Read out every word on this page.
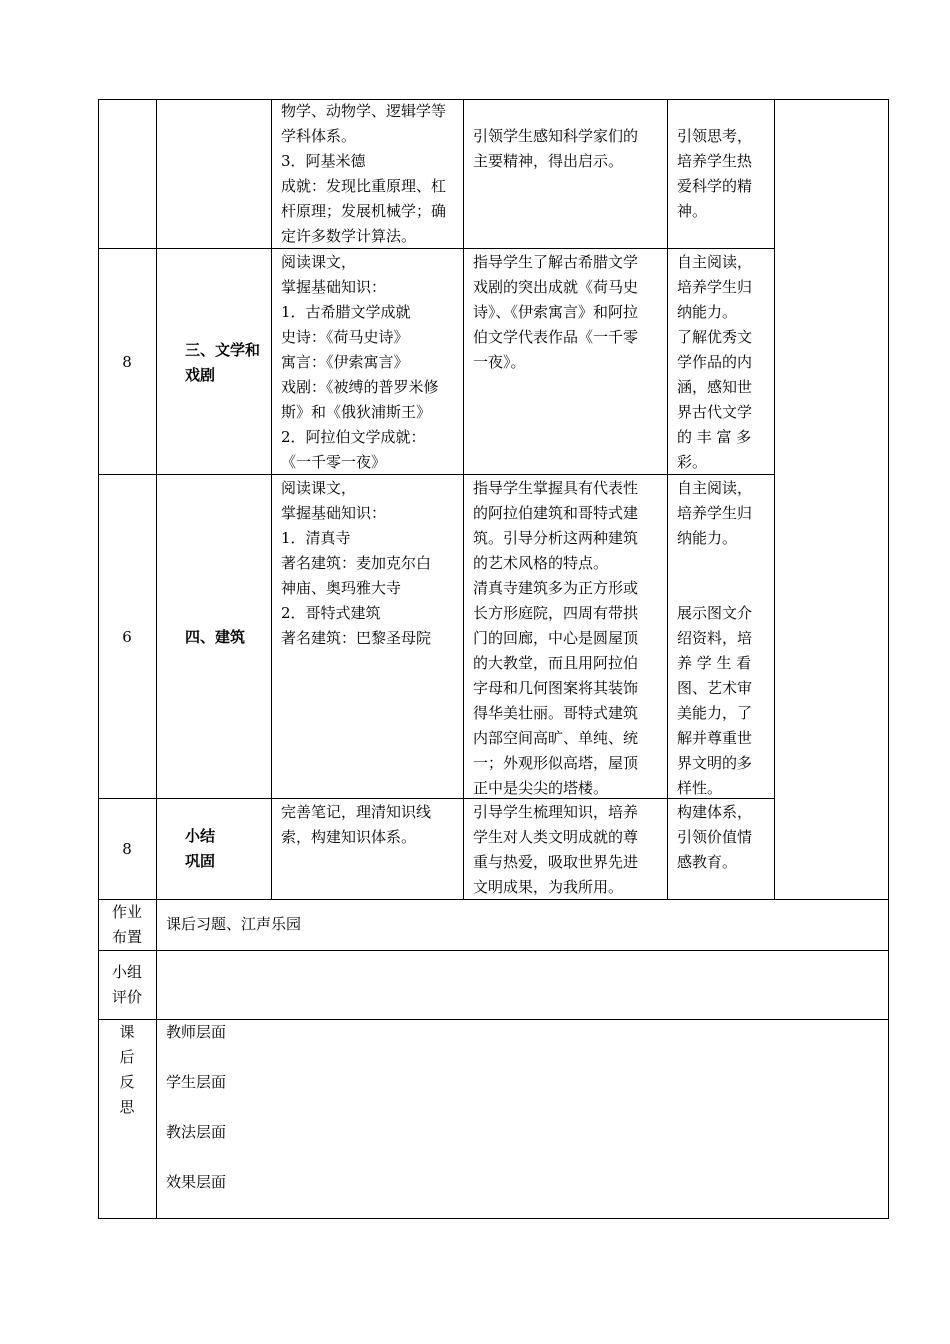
物学、动物学、逻辑学等
学科体系。
3．阿基米德
成就：发现比重原理、杠
杆原理；发展机械学；确
定许多数学计算法。

引领学生感知科学家们的
主要精神，得出启示。

引领思考，
培养学生热
爱科学的精
神。
8
三、文学和
戏剧
阅读课文，
掌握基础知识：
1．古希腊文学成就
史诗：《荷马史诗》
寓言：《伊索寓言》
戏剧：《被缚的普罗米修
斯》和《俄狄浦斯王》
2．阿拉伯文学成就：
《一千零一夜》
指导学生了解古希腊文学
戏剧的突出成就《荷马史
诗》、《伊索寓言》和阿拉
伯文学代表作品《一千零
一夜》。
自主阅读，
培养学生归
纳能力。
了解优秀文
学作品的内
涵，感知世
界古代文学
的 丰 富 多
彩。
6	四、建筑
阅读课文，
掌握基础知识：
1．清真寺
著名建筑：麦加克尔白
神庙、奥玛雅大寺
2．哥特式建筑
著名建筑：巴黎圣母院
指导学生掌握具有代表性
的阿拉伯建筑和哥特式建
筑。引导分析这两种建筑
的艺术风格的特点。
清真寺建筑多为正方形或
长方形庭院，四周有带拱
门的回廊，中心是圆屋顶
的大教堂，而且用阿拉伯
字母和几何图案将其装饰
得华美壮丽。哥特式建筑
内部空间高旷、单纯、统
一；外观形似高塔，屋顶
正中是尖尖的塔楼。
自主阅读，
培养学生归
纳能力。

展示图文介
绍资料，培
养 学 生 看
图、艺术审
美能力，了
解并尊重世
界文明的多
样性。
8
小结
巩固
完善笔记，理清知识线
索，构建知识体系。
引导学生梳理知识，培养
学生对人类文明成就的尊
重与热爱，吸取世界先进
文明成果，为我所用。
构建体系，
引领价值情
感教育。
作业
布置
课后习题、江声乐园
小组
评价
课
后
反
思
教师层面
学生层面
教法层面
效果层面
